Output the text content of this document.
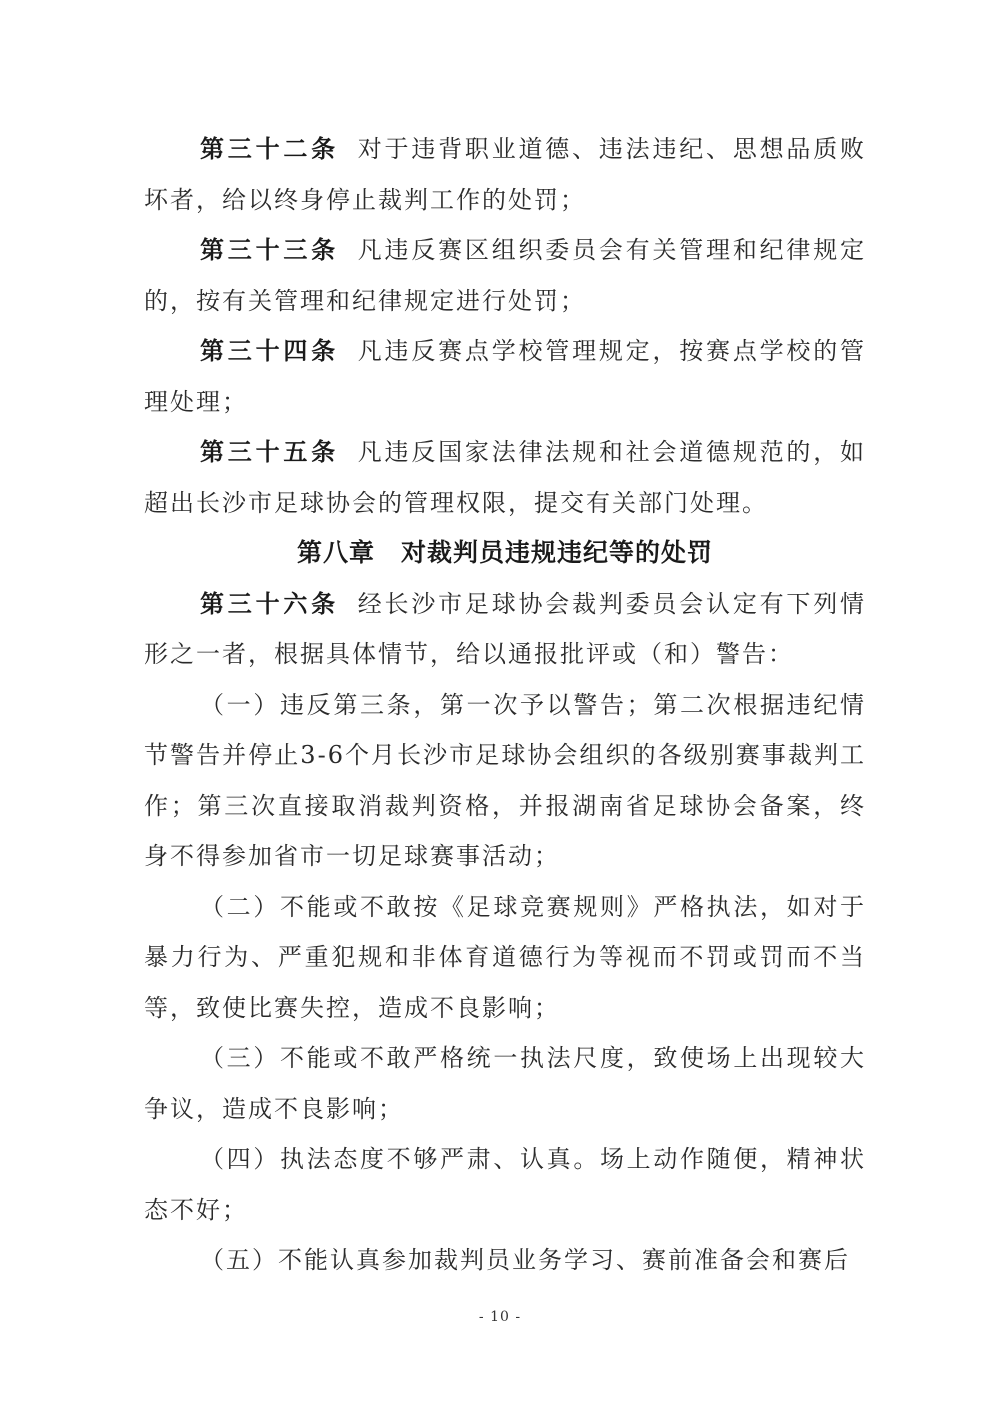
第三十二条 对于违背职业道德、违法违纪、思想品质败坏者，给以终身停止裁判工作的处罚；

第三十三条 凡违反赛区组织委员会有关管理和纪律规定的，按有关管理和纪律规定进行处罚；

第三十四条 凡违反赛点学校管理规定，按赛点学校的管理处理；

第三十五条 凡违反国家法律法规和社会道德规范的，如超出长沙市足球协会的管理权限，提交有关部门处理。

第八章 对裁判员违规违纪等的处罚

第三十六条 经长沙市足球协会裁判委员会认定有下列情形之一者，根据具体情节，给以通报批评或（和）警告：

（一）违反第三条，第一次予以警告；第二次根据违纪情节警告并停止3-6个月长沙市足球协会组织的各级别赛事裁判工作；第三次直接取消裁判资格，并报湖南省足球协会备案，终身不得参加省市一切足球赛事活动；

（二）不能或不敢按《足球竞赛规则》严格执法，如对于暴力行为、严重犯规和非体育道德行为等视而不罚或罚而不当等，致使比赛失控，造成不良影响；

（三）不能或不敢严格统一执法尺度，致使场上出现较大争议，造成不良影响；

（四）执法态度不够严肃、认真。场上动作随便，精神状态不好；

（五）不能认真参加裁判员业务学习、赛前准备会和赛后

- 10 -
